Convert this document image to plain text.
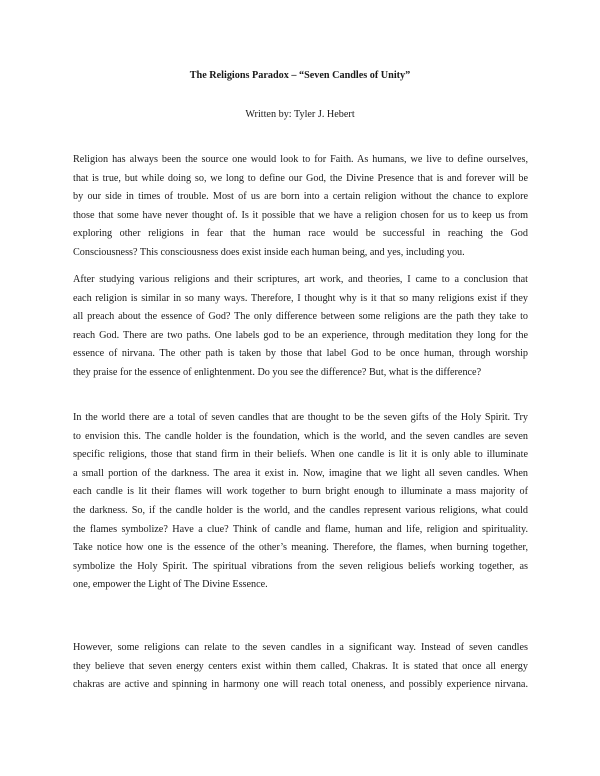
The Religions Paradox – “Seven Candles of Unity”
Written by: Tyler J. Hebert
Religion has always been the source one would look to for Faith. As humans, we live to define ourselves,
that is true, but while doing so, we long to define our God, the Divine Presence that is and forever will be
by our side in times of trouble. Most of us are born into a certain religion without the chance to explore
those that some have never thought of. Is it possible that we have a religion chosen for us to keep us from
exploring other religions in fear that the human race would be successful in reaching the God
Consciousness? This consciousness does exist inside each human being, and yes, including you.
After studying various religions and their scriptures, art work, and theories, I came to a conclusion that
each religion is similar in so many ways. Therefore, I thought why is it that so many religions exist if they
all preach about the essence of God? The only difference between some religions are the path they take to
reach God. There are two paths. One labels god to be an experience, through meditation they long for the
essence of nirvana. The other path is taken by those that label God to be once human, through worship
they praise for the essence of enlightenment. Do you see the difference? But, what is the difference?
In the world there are a total of seven candles that are thought to be the seven gifts of the Holy Spirit. Try
to envision this. The candle holder is the foundation, which is the world, and the seven candles are seven
specific religions, those that stand firm in their beliefs. When one candle is lit it is only able to illuminate
a small portion of the darkness. The area it exist in. Now, imagine that we light all seven candles. When
each candle is lit their flames will work together to burn bright enough to illuminate a mass majority of
the darkness. So, if the candle holder is the world, and the candles represent various religions, what could
the flames symbolize? Have a clue? Think of candle and flame, human and life, religion and spirituality.
Take notice how one is the essence of the other’s meaning. Therefore, the flames, when burning together,
symbolize the Holy Spirit. The spiritual vibrations from the seven religious beliefs working together, as
one, empower the Light of The Divine Essence.
However, some religions can relate to the seven candles in a significant way. Instead of seven candles
they believe that seven energy centers exist within them called, Chakras. It is stated that once all energy
chakras are active and spinning in harmony one will reach total oneness, and possibly experience nirvana.
